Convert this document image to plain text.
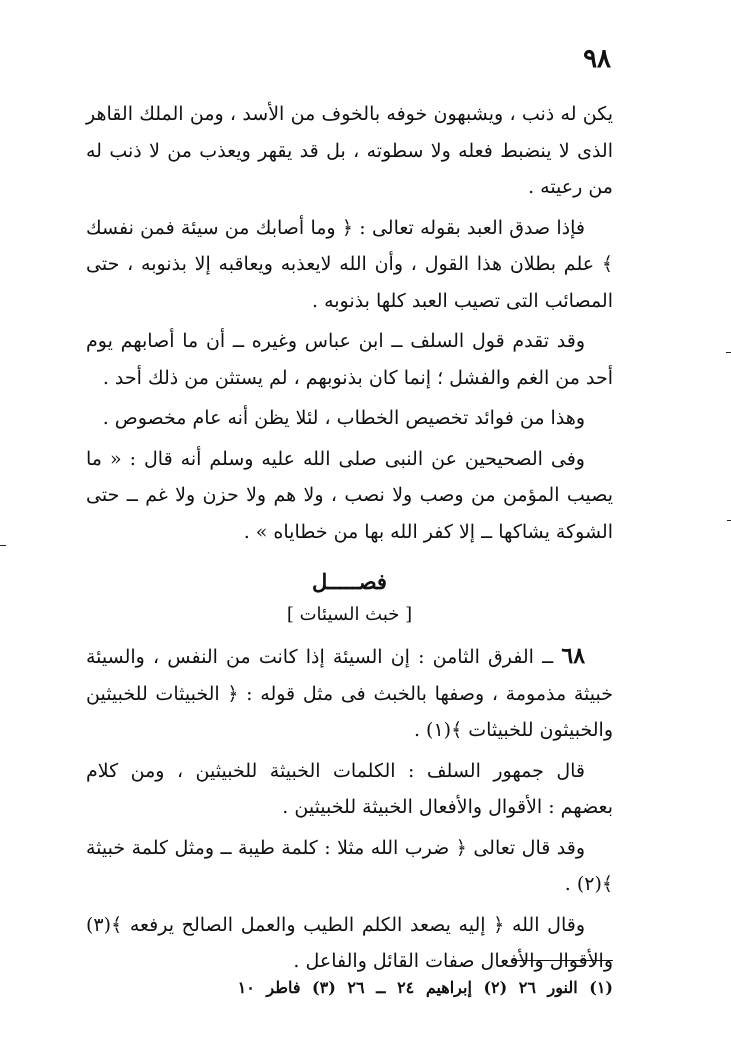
٩٨

يكن له ذنب ، ويشبهون خوفه بالخوف من الأسد ، ومن الملك القاهر الذى لا ينضبط فعله ولا سطوته ، بل قد يقهر ويعذب من لا ذنب له من رعيته .

فإذا صدق العبد بقوله تعالى : ﴿ وما أصابك من سيئة فمن نفسك ﴾ علم بطلان هذا القول ، وأن الله لايعذبه ويعاقبه إلا بذنوبه ، حتى المصائب التى تصيب العبد كلها بذنوبه .

وقد تقدم قول السلف ــ ابن عباس وغيره ــ أن ما أصابهم يوم أحد من الغم والفشل ؛ إنما كان بذنوبهم ، لم يستثن من ذلك أحد .

وهذا من فوائد تخصيص الخطاب ، لئلا يظن أنه عام مخصوص .

وفى الصحيحين عن النبى صلى الله عليه وسلم أنه قال : « ما يصيب المؤمن من وصب ولا نصب ، ولا هم ولا حزن ولا غم ــ حتى الشوكة يشاكها ــ إلا كفر الله بها من خطاياه » .

فصـــــل
[ خبث السيئات ]

٦٨ ــ الفرق الثامن : إن السيئة إذا كانت من النفس ، والسيئة خبيثة مذمومة ، وصفها بالخبث فى مثل قوله : ﴿ الخبيثات للخبيثين والخبيثون للخبيثات ﴾(١) .

قال جمهور السلف : الكلمات الخبيثة للخبيثين ، ومن كلام بعضهم : الأقوال والأفعال الخبيثة للخبيثين .

وقد قال تعالى ﴿ ضرب الله مثلا : كلمة طيبة ــ ومثل كلمة خبيثة ﴾(٢) .

وقال الله ﴿ إليه يصعد الكلم الطيب والعمل الصالح يرفعه ﴾(٣) والأقوال والأفعال صفات القائل والفاعل .

(١) النور ٢٦ (٢) إبراهيم ٢٤ ــ ٢٦ (٣) فاطر ١٠
